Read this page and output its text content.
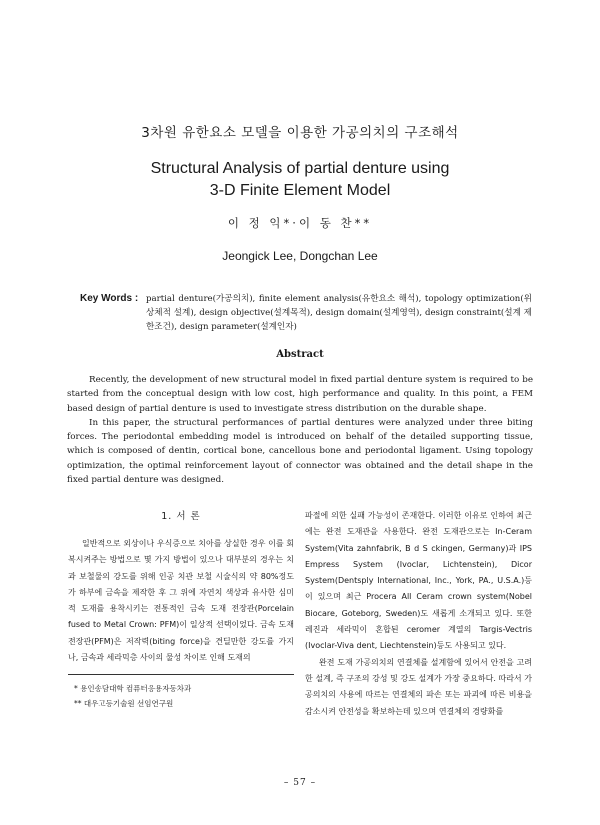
3차원 유한요소 모델을 이용한 가공의치의 구조해석
Structural Analysis of partial denture using
3-D Finite Element Model
이 정 익*·이 동 찬**
Jeongick Lee, Dongchan Lee
Key Words : partial denture(가공의치), finite element analysis(유한요소 해석), topology optimization(위상체적 설계), design objective(설계목적), design domain(설계영역), design constraint(설계 제한조건), design parameter(설계인자)
Abstract

Recently, the development of new structural model in fixed partial denture system is required to be started from the conceptual design with low cost, high performance and quality. In this point, a FEM based design of partial denture is used to investigate stress distribution on the durable shape.

In this paper, the structural performances of partial dentures were analyzed under three biting forces. The periodontal embedding model is introduced on behalf of the detailed supporting tissue, which is composed of dentin, cortical bone, cancellous bone and periodontal ligament. Using topology optimization, the optimal reinforcement layout of connector was obtained and the detail shape in the fixed partial denture was designed.

1. 서 론

일반적으로 외상이나 우식증으로 치아를 상실한 경우 이를 회복시켜주는 방법으로 몇 가지 방법이 있으나 대부분의 경우는 치과 보철물의 강도를 위해 인공 치관 보철 시술식의 약 80%정도가 하부에 금속을 제작한 후 그 위에 자연치 색상과 유사한 심미적 도재를 용착시키는 전통적인 금속 도재 전장관(Porcelain fused to Metal Crown: PFM)이 일상적 선택이었다. 금속 도재 전장관(PFM)은 저작력(biting force)을 견딜만한 강도를 가지나, 금속과 세라믹층 사이의 물성 차이로 인해 도재의

파절에 의한 실패 가능성이 존재한다. 이러한 이유로 인하여 최근에는 완전 도재관을 사용한다. 완전 도재관으로는 In-Ceram System(Vita zahnfabrik, B d S ckingen, Germany)과 IPS Empress System (Ivoclar, Lichtenstein), Dicor System(Dentsply International, Inc., York, PA., U.S.A.)등이 있으며 최근 Procera All Ceram crown system(Nobel Biocare, Goteborg, Sweden)도 새롭게 소개되고 있다. 또한 레진과 세라믹이 혼합된 ceromer 계열의 Targis-Vectris (Ivoclar-Viva dent, Liechtenstein)등도 사용되고 있다.

완전 도재 가공의치의 연결체를 설계함에 있어서 안전을 고려한 설계, 즉 구조의 강성 및 강도 설계가 가장 중요하다. 따라서 가공의치의 사용에 따르는 연결체의 파손 또는 파괴에 따른 비용을 감소시켜 안전성을 확보하는데 있으며 연결체의 경량화를

* 용인송담대학 컴퓨터응용자동차과
** 대우고등기술원 선임연구원
– 57 –
